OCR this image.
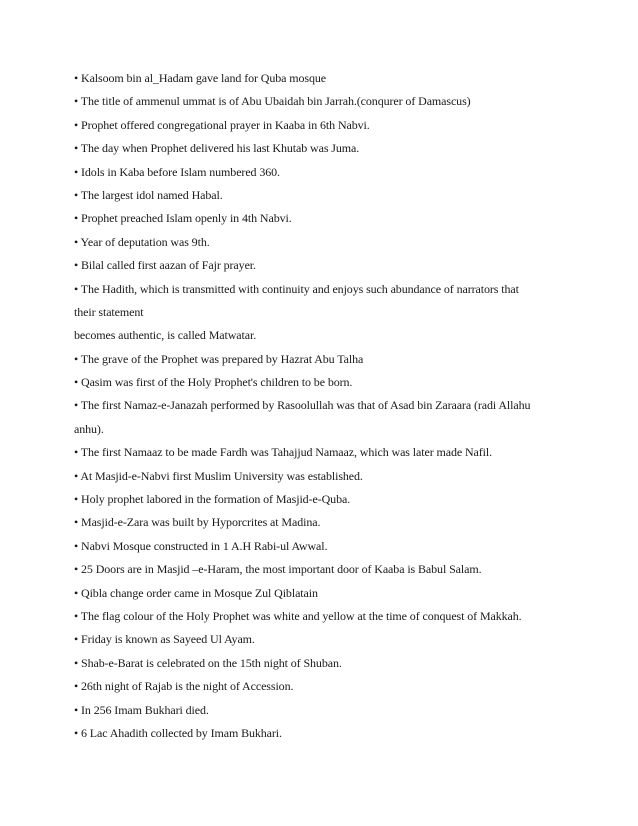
• Kalsoom bin al_Hadam gave land for Quba mosque
• The title of ammenul ummat is of Abu Ubaidah bin Jarrah.(conqurer of Damascus)
• Prophet offered congregational prayer in Kaaba in 6th Nabvi.
• The day when Prophet delivered his last Khutab was Juma.
• Idols in Kaba before Islam numbered 360.
• The largest idol named Habal.
• Prophet preached Islam openly in 4th Nabvi.
• Year of deputation was 9th.
• Bilal called first aazan of Fajr prayer.
• The Hadith, which is transmitted with continuity and enjoys such abundance of narrators that
their statement
becomes authentic, is called Matwatar.
• The grave of the Prophet was prepared by Hazrat Abu Talha
• Qasim was first of the Holy Prophet's children to be born.
• The first Namaz-e-Janazah performed by Rasoolullah was that of Asad bin Zaraara (radi Allahu
anhu).
• The first Namaaz to be made Fardh was Tahajjud Namaaz, which was later made Nafil.
• At Masjid-e-Nabvi first Muslim University was established.
• Holy prophet labored in the formation of Masjid-e-Quba.
• Masjid-e-Zara was built by Hyporcrites at Madina.
• Nabvi Mosque constructed in 1 A.H Rabi-ul Awwal.
• 25 Doors are in Masjid –e-Haram, the most important door of Kaaba is Babul Salam.
• Qibla change order came in Mosque Zul Qiblatain
• The flag colour of the Holy Prophet was white and yellow at the time of conquest of Makkah.
• Friday is known as Sayeed Ul Ayam.
• Shab-e-Barat is celebrated on the 15th night of Shuban.
• 26th night of Rajab is the night of Accession.
• In 256 Imam Bukhari died.
• 6 Lac Ahadith collected by Imam Bukhari.
